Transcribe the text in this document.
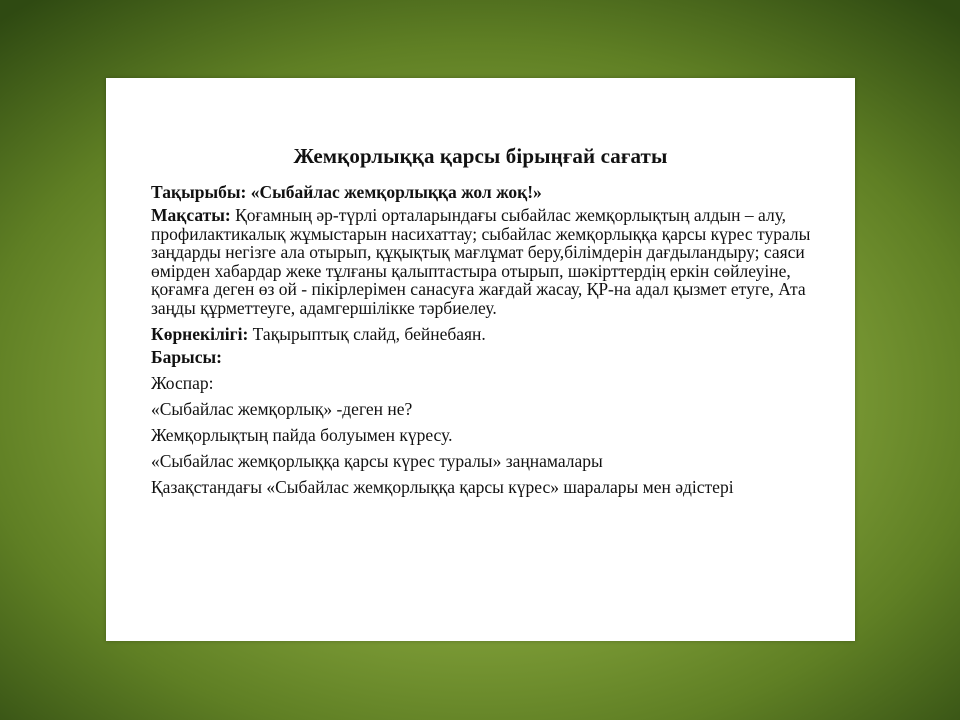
Жемқорлыққа қарсы бірыңғай сағаты

Тақырыбы: «Сыбайлас жемқорлыққа жол жоқ!»

Мақсаты: Қоғамның әр-түрлі орталарындағы сыбайлас жемқорлықтың алдын – алу, профилактикалық жұмыстарын насихаттау; сыбайлас жемқорлыққа қарсы күрес туралы заңдарды негізге ала отырып, құқықтық мағлұмат беру,білімдерін дағдыландыру; саяси өмірден хабардар жеке тұлғаны қалыптастыра отырып, шәкірттердің еркін сөйлеуіне, қоғамға деген өз ой - пікірлерімен санасуға жағдай жасау, ҚР-на адал қызмет етуге, Ата заңды құрметтеуге, адамгершілікке тәрбиелеу.

Көрнекілігі: Тақырыптық слайд, бейнебаян.

Барысы:

Жоспар:

«Сыбайлас жемқорлық» -деген не?

Жемқорлықтың пайда болуымен күресу.

«Сыбайлас жемқорлыққа қарсы күрес туралы» заңнамалары

Қазақстандағы «Сыбайлас жемқорлыққа қарсы күрес» шаралары мен әдістері
